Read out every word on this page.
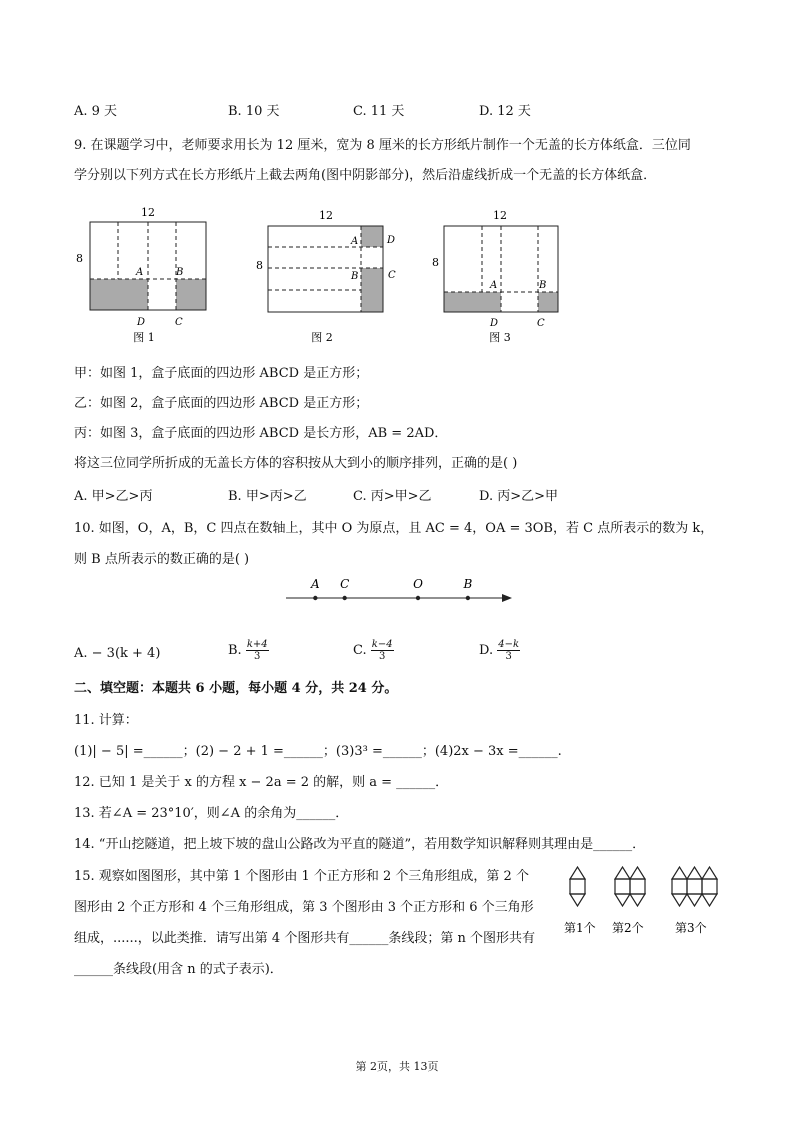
A. 9 天	B. 10 天	C. 11 天	D. 12 天
9. 在课题学习中，老师要求用长为 12 厘米，宽为 8 厘米的长方形纸片制作一个无盖的长方体纸盒．三位同
学分别以下列方式在长方形纸片上截去两角(图中阴影部分)，然后沿虚线折成一个无盖的长方体纸盒．
12
8
A	B
C
D
图 1
12
8
A
B	C
D
图 2
12
8
A	B
C
D
图 3
甲：如图 1，盒子底面的四边形 ABCD 是正方形；
乙：如图 2，盒子底面的四边形 ABCD 是正方形；
丙：如图 3，盒子底面的四边形 ABCD 是长方形，AB = 2AD．
将这三位同学所折成的无盖长方体的容积按从大到小的顺序排列，正确的是( )
A. 甲>乙>丙	B. 甲>丙>乙	C. 丙>甲>乙	D. 丙>乙>甲
10. 如图，O，A，B，C 四点在数轴上，其中 O 为原点，且 AC = 4，OA = 3OB，若 C 点所表示的数为 k，
则 B 点所表示的数正确的是( )
A C	O	B
A. − 3(k + 4)	B. $\frac{k+4}{3}$	C. $\frac{k-4}{3}$	D. $\frac{4-k}{3}$
二、填空题：本题共 6 小题，每小题 4 分，共 24 分。
11. 计算：
(1)| − 5| =______；(2) − 2 + 1 =______；(3)3³ =______；(4)2x − 3x =______.
12. 已知 1 是关于 x 的方程 x − 2a = 2 的解，则 a = ______．
13. 若∠A = 23°10′，则∠A 的余角为______．
14. “开山挖隧道，把上坡下坡的盘山公路改为平直的隧道”，若用数学知识解释则其理由是______．
15. 观察如图图形，其中第 1 个图形由 1 个正方形和 2 个三角形组成，第 2 个
图形由 2 个正方形和 4 个三角形组成，第 3 个图形由 3 个正方形和 6 个三角形
组成，......，以此类推．请写出第 4 个图形共有______条线段；第 n 个图形共有
______条线段(用含 n 的式子表示)．
第1个 第2个	第3个
第 2页，共 13页
